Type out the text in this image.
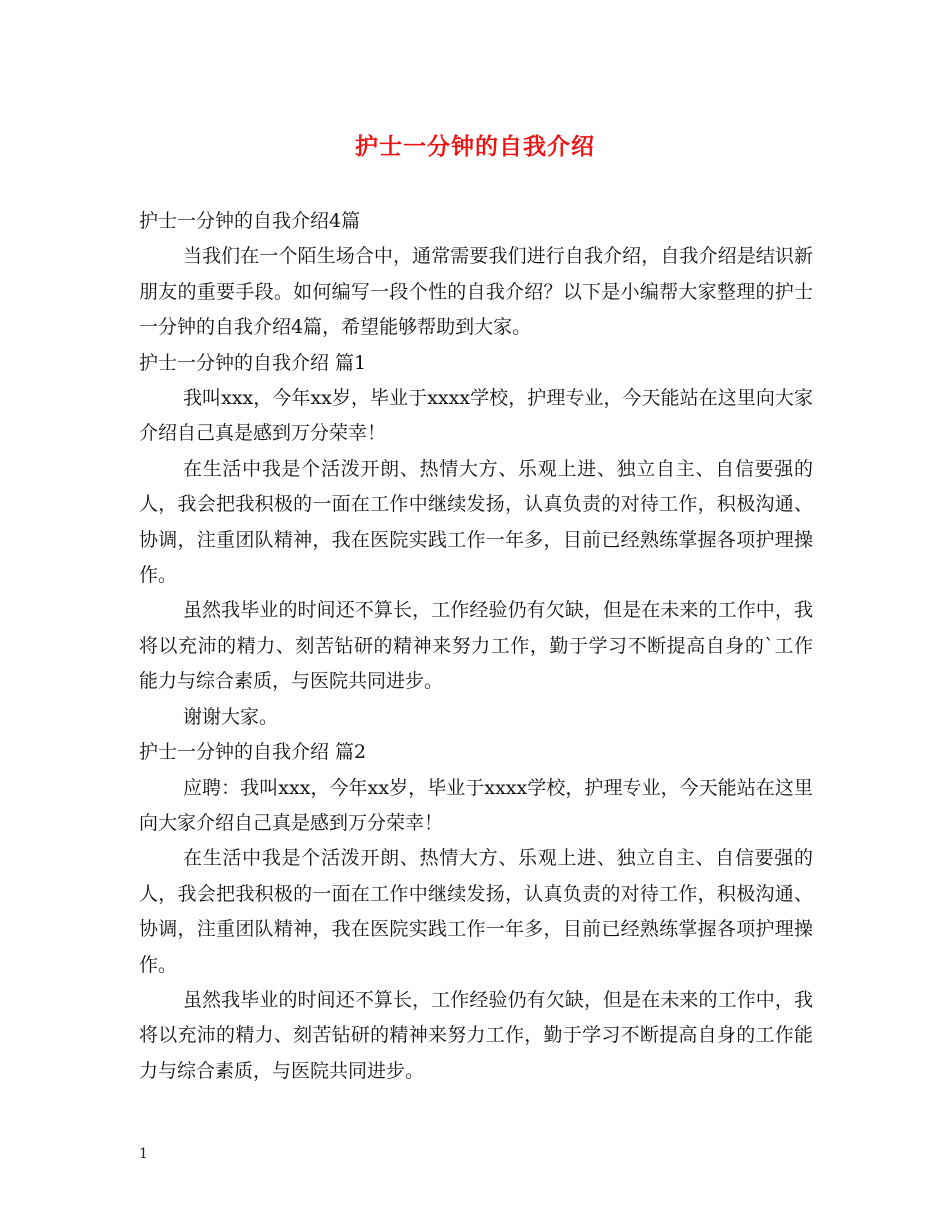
护士一分钟的自我介绍

护士一分钟的自我介绍4篇

当我们在一个陌生场合中，通常需要我们进行自我介绍，自我介绍是结识新朋友的重要手段。如何编写一段个性的自我介绍？以下是小编帮大家整理的护士一分钟的自我介绍4篇，希望能够帮助到大家。

护士一分钟的自我介绍 篇1

我叫xxx，今年xx岁，毕业于xxxx学校，护理专业，今天能站在这里向大家介绍自己真是感到万分荣幸！

在生活中我是个活泼开朗、热情大方、乐观上进、独立自主、自信要强的人，我会把我积极的一面在工作中继续发扬，认真负责的对待工作，积极沟通、协调，注重团队精神，我在医院实践工作一年多，目前已经熟练掌握各项护理操作。

虽然我毕业的时间还不算长，工作经验仍有欠缺，但是在未来的工作中，我将以充沛的精力、刻苦钻研的精神来努力工作，勤于学习不断提高自身的`工作能力与综合素质，与医院共同进步。

谢谢大家。

护士一分钟的自我介绍 篇2

应聘：我叫xxx，今年xx岁，毕业于xxxx学校，护理专业，今天能站在这里向大家介绍自己真是感到万分荣幸！

在生活中我是个活泼开朗、热情大方、乐观上进、独立自主、自信要强的人，我会把我积极的一面在工作中继续发扬，认真负责的对待工作，积极沟通、协调，注重团队精神，我在医院实践工作一年多，目前已经熟练掌握各项护理操作。

虽然我毕业的时间还不算长，工作经验仍有欠缺，但是在未来的工作中，我将以充沛的精力、刻苦钻研的精神来努力工作，勤于学习不断提高自身的工作能力与综合素质，与医院共同进步。

1
